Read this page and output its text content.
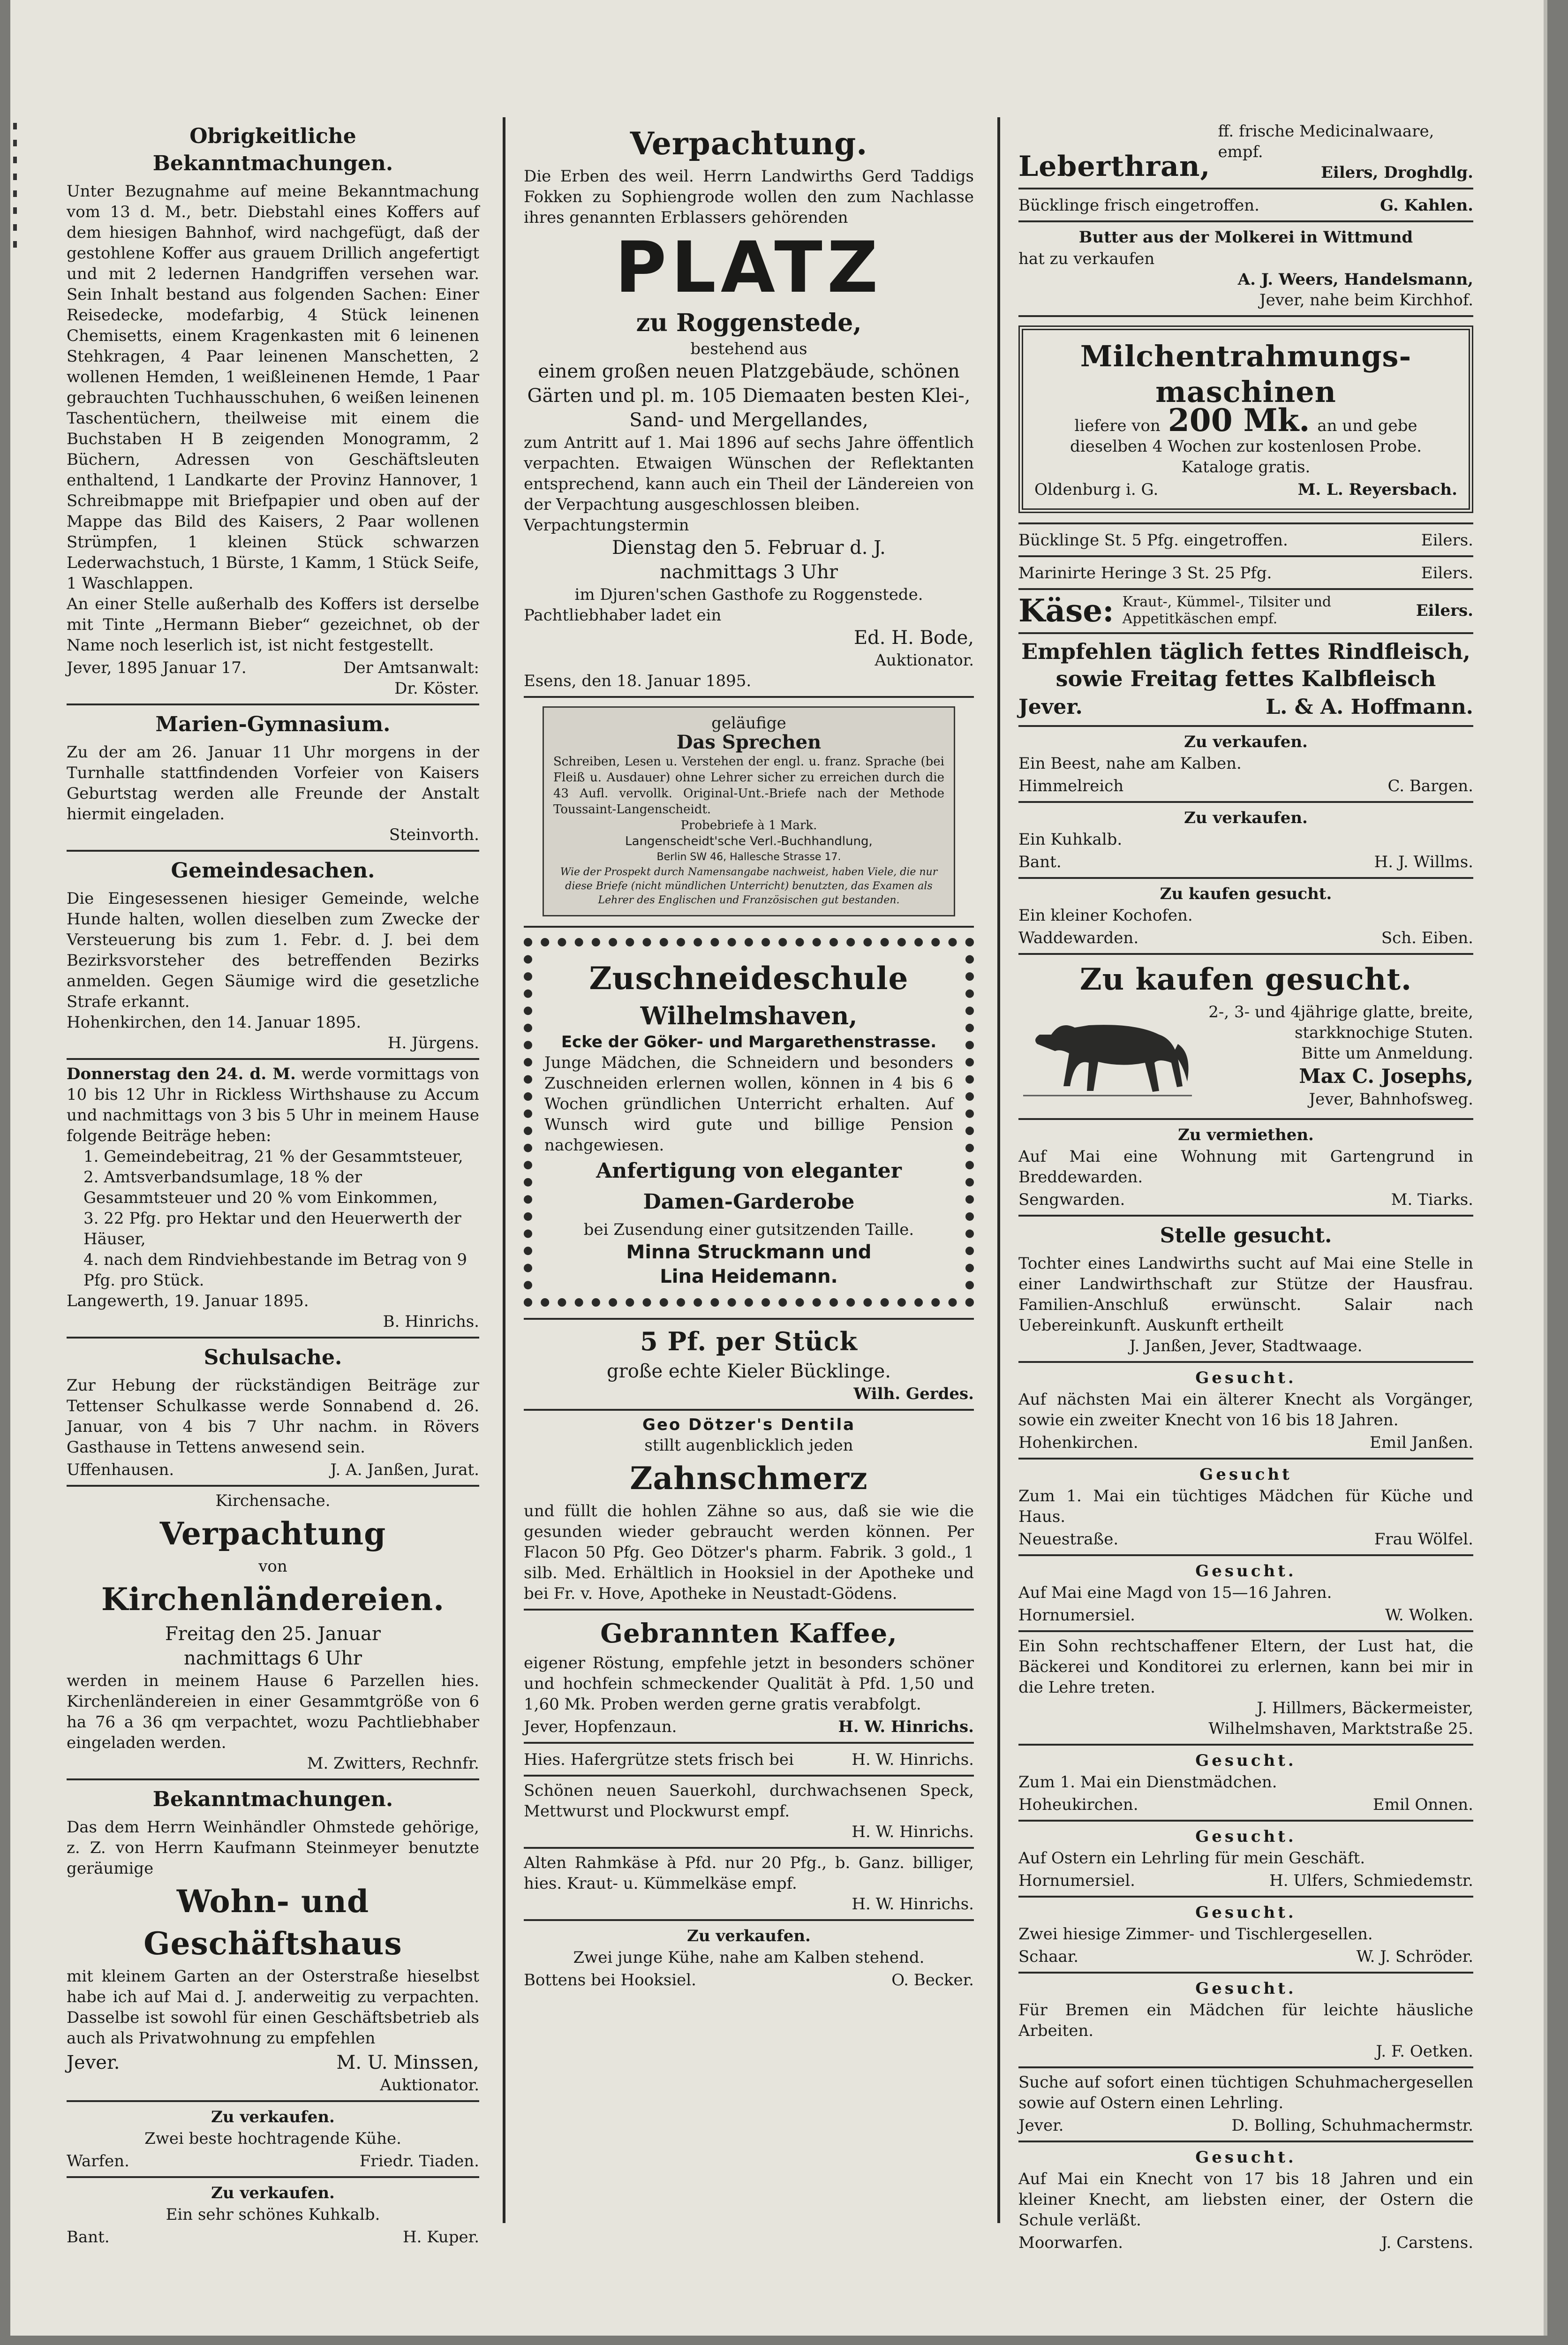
Obrigkeitliche Bekanntmachungen.

Unter Bezugnahme auf meine Bekanntmachung vom 13 d. M., betr. Diebstahl eines Koffers auf dem hiesigen Bahnhof, wird nachgefügt, daß der gestohlene Koffer aus grauem Drillich angefertigt und mit 2 ledernen Handgriffen versehen war. Sein Inhalt bestand aus folgenden Sachen: Einer Reisedecke, modefarbig, 4 Stück leinenen Chemisetts, einem Kragenkasten mit 6 leinenen Stehkragen, 4 Paar leinenen Manschetten, 2 wollenen Hemden, 1 weißleinenen Hemde, 1 Paar gebrauchten Tuchhausschuhen, 6 weißen leinenen Taschentüchern, theilweise mit einem die Buchstaben H B zeigenden Monogramm, 2 Büchern, Adressen von Geschäftsleuten enthaltend, 1 Landkarte der Provinz Hannover, 1 Schreibmappe mit Briefpapier und oben auf der Mappe das Bild des Kaisers, 2 Paar wollenen Strümpfen, 1 kleinen Stück schwarzen Lederwachstuch, 1 Bürste, 1 Kamm, 1 Stück Seife, 1 Waschlappen.

An einer Stelle außerhalb des Koffers ist derselbe mit Tinte „Hermann Bieber“ gezeichnet, ob der Name noch leserlich ist, ist nicht festgestellt.

Jever, 1895 Januar 17.	Der Amtsanwalt:
Dr. Köster.
Marien-Gymnasium.

Zu der am 26. Januar 11 Uhr morgens in der Turnhalle stattfindenden Vorfeier von Kaisers Geburtstag werden alle Freunde der Anstalt hiermit eingeladen.

Steinvorth.
Gemeindesachen.

Die Eingesessenen hiesiger Gemeinde, welche Hunde halten, wollen dieselben zum Zwecke der Versteuerung bis zum 1. Febr. d. J. bei dem Bezirksvorsteher des betreffenden Bezirks anmelden. Gegen Säumige wird die gesetzliche Strafe erkannt.

Hohenkirchen, den 14. Januar 1895.
H. Jürgens.

Donnerstag den 24. d. M. werde vormittags von 10 bis 12 Uhr in Rickless Wirthshause zu Accum und nachmittags von 3 bis 5 Uhr in meinem Hause folgende Beiträge heben:

1. Gemeindebeitrag, 21 % der Gesammtsteuer,
2. Amtsverbandsumlage, 18 % der Gesammtsteuer und 20 % vom Einkommen,
3. 22 Pfg. pro Hektar und den Heuerwerth der Häuser,
4. nach dem Rindviehbestande im Betrag von 9 Pfg. pro Stück.
Langewerth, 19. Januar 1895.
B. Hinrichs.
Schulsache.

Zur Hebung der rückständigen Beiträge zur Tettenser Schulkasse werde Sonnabend d. 26. Januar, von 4 bis 7 Uhr nachm. in Rövers Gasthause in Tettens anwesend sein.

Uffenhausen.	J. A. Janßen, Jurat.
Kirchensache.
Verpachtung
von
Kirchenländereien.
Freitag den 25. Januar
nachmittags 6 Uhr

werden in meinem Hause 6 Parzellen hies. Kirchenländereien in einer Gesammtgröße von 6 ha 76 a 36 qm verpachtet, wozu Pachtliebhaber eingeladen werden.

M. Zwitters, Rechnfr.
Bekanntmachungen.

Das dem Herrn Weinhändler Ohmstede gehörige, z. Z. von Herrn Kaufmann Steinmeyer benutzte geräumige

Wohn- und
Geschäftshaus

mit kleinem Garten an der Osterstraße hieselbst habe ich auf Mai d. J. anderweitig zu verpachten. Dasselbe ist sowohl für einen Geschäftsbetrieb als auch als Privatwohnung zu empfehlen

Jever.	M. U. Minssen,
Auktionator.
Zu verkaufen.
Zwei beste hochtragende Kühe.
Warfen.	Friedr. Tiaden.
Zu verkaufen.
Ein sehr schönes Kuhkalb.
Bant.	H. Kuper.
Verpachtung.

Die Erben des weil. Herrn Landwirths Gerd Taddigs Fokken zu Sophiengrode wollen den zum Nachlasse ihres genannten Erblassers gehörenden

PLATZ
zu Roggenstede,
bestehend aus

einem großen neuen Platzgebäude, schönen Gärten und pl. m. 105 Diemaaten besten Klei-, Sand- und Mergellandes,

zum Antritt auf 1. Mai 1896 auf sechs Jahre öffentlich verpachten. Etwaigen Wünschen der Reflektanten entsprechend, kann auch ein Theil der Ländereien von der Verpachtung ausgeschlossen bleiben.

Verpachtungstermin
Dienstag den 5. Februar d. J.
nachmittags 3 Uhr
im Djuren'schen Gasthofe zu Roggenstede.
Pachtliebhaber ladet ein
Ed. H. Bode,
Auktionator.
Esens, den 18. Januar 1895.
geläufige
Das Sprechen

Schreiben, Lesen u. Verstehen der engl. u. franz. Sprache (bei Fleiß u. Ausdauer) ohne Lehrer sicher zu erreichen durch die 43 Aufl. vervollk. Original-Unt.-Briefe nach der Methode Toussaint-Langenscheidt.

Probebriefe à 1 Mark.
Langenscheidt'sche Verl.-Buchhandlung,
Berlin SW 46, Hallesche Strasse 17.

Wie der Prospekt durch Namensangabe nachweist, haben Viele, die nur diese Briefe (nicht mündlichen Unterricht) benutzten, das Examen als Lehrer des Englischen und Französischen gut bestanden.

Zuschneideschule
Wilhelmshaven,
Ecke der Göker- und Margarethenstrasse.

Junge Mädchen, die Schneidern und besonders Zuschneiden erlernen wollen, können in 4 bis 6 Wochen gründlichen Unterricht erhalten. Auf Wunsch wird gute und billige Pension nachgewiesen.

Anfertigung von eleganter
Damen-Garderobe
bei Zusendung einer gutsitzenden Taille.
Minna Struckmann und
Lina Heidemann.
5 Pf. per Stück
große echte Kieler Bücklinge.
Wilh. Gerdes.
Geo Dötzer's Dentila
stillt augenblicklich jeden
Zahnschmerz

und füllt die hohlen Zähne so aus, daß sie wie die gesunden wieder gebraucht werden können. Per Flacon 50 Pfg. Geo Dötzer's pharm. Fabrik. 3 gold., 1 silb. Med. Erhältlich in Hooksiel in der Apotheke und bei Fr. v. Hove, Apotheke in Neustadt-Gödens.

Gebrannten Kaffee,

eigener Röstung, empfehle jetzt in besonders schöner und hochfein schmeckender Qualität à Pfd. 1,50 und 1,60 Mk. Proben werden gerne gratis verabfolgt.

Jever, Hopfenzaun.	H. W. Hinrichs.
Hies. Hafergrütze stets frisch bei	H. W. Hinrichs.

Schönen neuen Sauerkohl, durchwachsenen Speck, Mettwurst und Plockwurst empf.

H. W. Hinrichs.

Alten Rahmkäse à Pfd. nur 20 Pfg., b. Ganz. billiger, hies. Kraut- u. Kümmelkäse empf.

H. W. Hinrichs.
Zu verkaufen.
Zwei junge Kühe, nahe am Kalben stehend.
Bottens bei Hooksiel.	O. Becker.
Leberthran,
ff. frische Medicinalwaare, empf.
Eilers, Droghdlg.
Bücklinge frisch eingetroffen.	G. Kahlen.
Butter aus der Molkerei in Wittmund
hat zu verkaufen
A. J. Weers, Handelsmann,
Jever, nahe beim Kirchhof.
Milchentrahmungs-
maschinen
liefere von 200 Mk. an und gebe

dieselben 4 Wochen zur kostenlosen Probe. Kataloge gratis.

Oldenburg i. G.	M. L. Reyersbach.
Bücklinge St. 5 Pfg. eingetroffen.	Eilers.
Marinirte Heringe 3 St. 25 Pfg.	Eilers.
Käse: Kraut-, Kümmel-, Tilsiter und Appetitkäschen empf.	Eilers.
Empfehlen täglich fettes Rindfleisch,
sowie Freitag fettes Kalbfleisch
Jever.	L. & A. Hoffmann.
Zu verkaufen.
Ein Beest, nahe am Kalben.
Himmelreich	C. Bargen.
Zu verkaufen.
Ein Kuhkalb.
Bant.	H. J. Willms.
Zu kaufen gesucht.
Ein kleiner Kochofen.
Waddewarden.	Sch. Eiben.
Zu kaufen gesucht.

2-, 3- und 4jährige glatte, breite, starkknochige Stuten.

Bitte um Anmeldung.
Max C. Josephs,
Jever, Bahnhofsweg.
Zu vermiethen.

Auf Mai eine Wohnung mit Gartengrund in Breddewarden.

Sengwarden.	M. Tiarks.
Stelle gesucht.

Tochter eines Landwirths sucht auf Mai eine Stelle in einer Landwirthschaft zur Stütze der Hausfrau. Familien-Anschluß erwünscht. Salair nach Uebereinkunft. Auskunft ertheilt

J. Janßen, Jever, Stadtwaage.
Gesucht.

Auf nächsten Mai ein älterer Knecht als Vorgänger, sowie ein zweiter Knecht von 16 bis 18 Jahren.

Hohenkirchen.	Emil Janßen.
Gesucht

Zum 1. Mai ein tüchtiges Mädchen für Küche und Haus.

Neuestraße.	Frau Wölfel.
Gesucht.
Auf Mai eine Magd von 15—16 Jahren.
Hornumersiel.	W. Wolken.

Ein Sohn rechtschaffener Eltern, der Lust hat, die Bäckerei und Konditorei zu erlernen, kann bei mir in die Lehre treten.

J. Hillmers, Bäckermeister,
Wilhelmshaven, Marktstraße 25.
Gesucht.
Zum 1. Mai ein Dienstmädchen.
Hoheukirchen.	Emil Onnen.
Gesucht.
Auf Ostern ein Lehrling für mein Geschäft.
Hornumersiel.	H. Ulfers, Schmiedemstr.
Gesucht.
Zwei hiesige Zimmer- und Tischlergesellen.
Schaar.	W. J. Schröder.
Gesucht.

Für Bremen ein Mädchen für leichte häusliche Arbeiten.

J. F. Oetken.

Suche auf sofort einen tüchtigen Schuhmachergesellen sowie auf Ostern einen Lehrling.

Jever.	D. Bolling, Schuhmachermstr.
Gesucht.

Auf Mai ein Knecht von 17 bis 18 Jahren und ein kleiner Knecht, am liebsten einer, der Ostern die Schule verläßt.

Moorwarfen.	J. Carstens.
